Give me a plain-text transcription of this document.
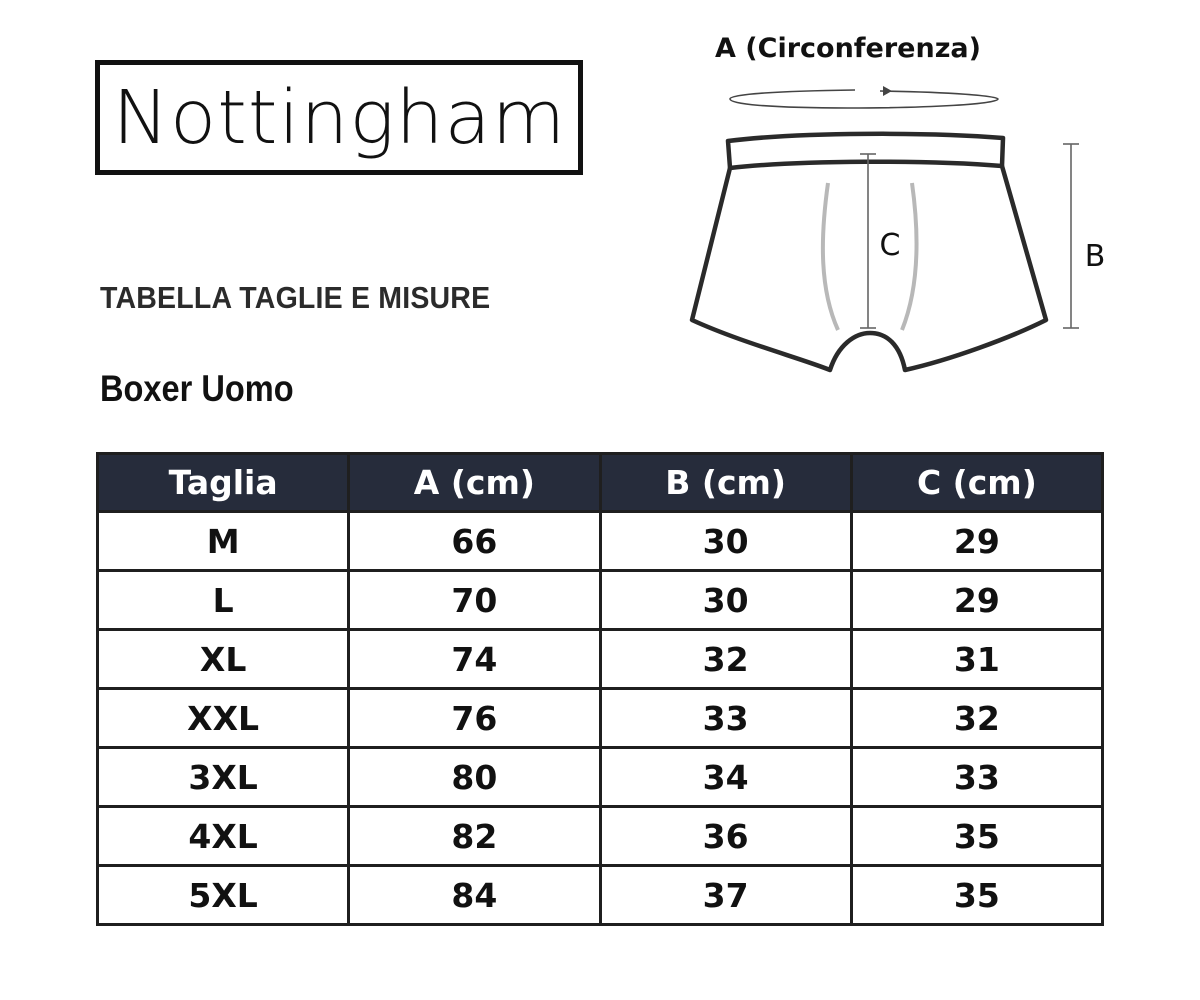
Nottingham
TABELLA TAGLIE E MISURE
Boxer Uomo
A (Circonferenza)
C	B
Taglia	A (cm)	B (cm)	C (cm)
M	66	30	29
L	70	30	29
XL	74	32	31
XXL	76	33	32
3XL	80	34	33
4XL	82	36	35
5XL	84	37	35
